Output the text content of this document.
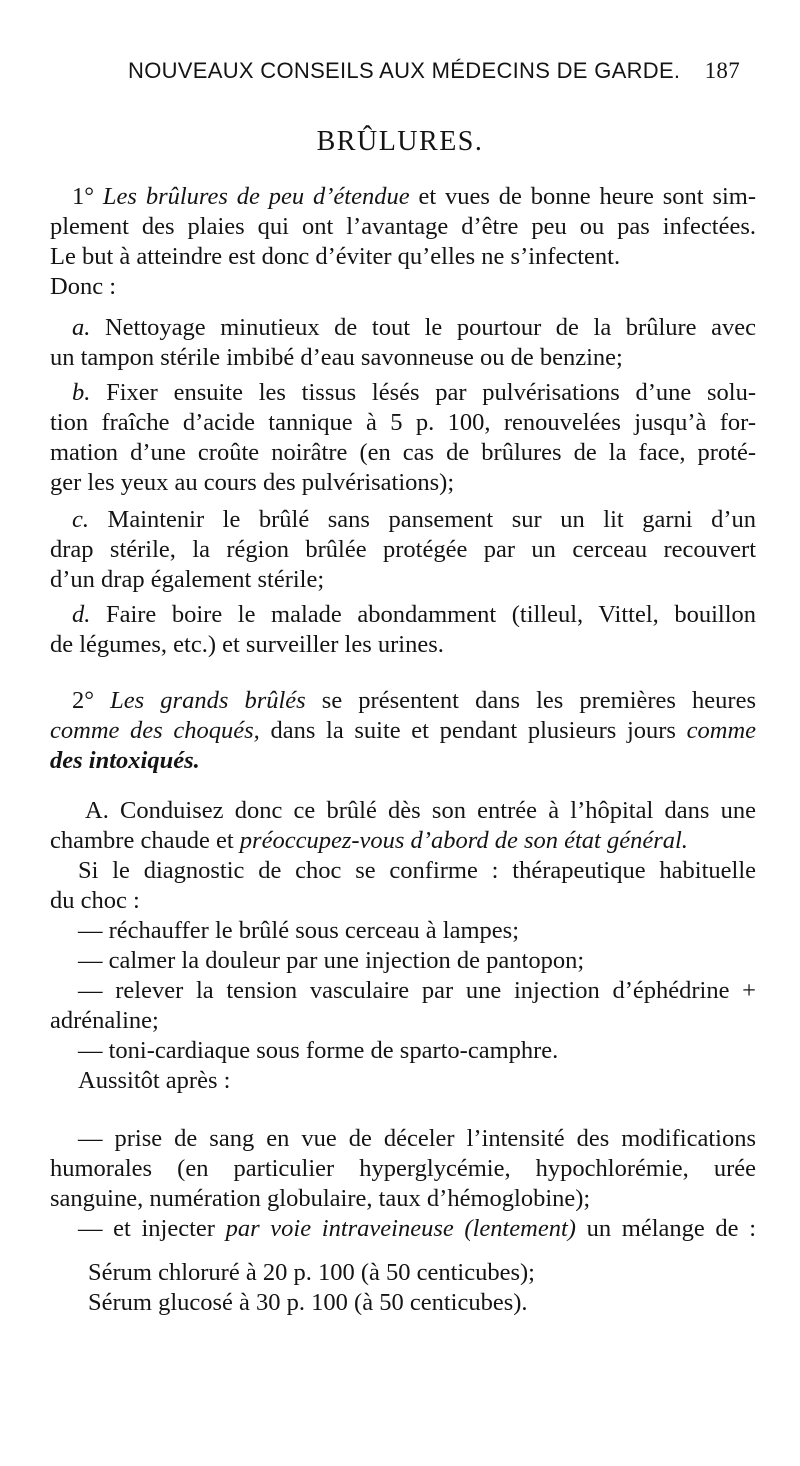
NOUVEAUX CONSEILS AUX MÉDECINS DE GARDE. 187
BRÛLURES.
1° Les brûlures de peu d’étendue et vues de bonne heure sont sim-
plement des plaies qui ont l’avantage d’être peu ou pas infectées.
Le but à atteindre est donc d’éviter qu’elles ne s’infectent.
Donc :
a. Nettoyage minutieux de tout le pourtour de la brûlure avec
un tampon stérile imbibé d’eau savonneuse ou de benzine;
b. Fixer ensuite les tissus lésés par pulvérisations d’une solu-
tion fraîche d’acide tannique à 5 p. 100, renouvelées jusqu’à for-
mation d’une croûte noirâtre (en cas de brûlures de la face, proté-
ger les yeux au cours des pulvérisations);
c. Maintenir le brûlé sans pansement sur un lit garni d’un
drap stérile, la région brûlée protégée par un cerceau recouvert
d’un drap également stérile;
d. Faire boire le malade abondamment (tilleul, Vittel, bouillon
de légumes, etc.) et surveiller les urines.
2° Les grands brûlés se présentent dans les premières heures
comme des choqués, dans la suite et pendant plusieurs jours comme
des intoxiqués.
A. Conduisez donc ce brûlé dès son entrée à l’hôpital dans une
chambre chaude et préoccupez-vous d’abord de son état général.
Si le diagnostic de choc se confirme : thérapeutique habituelle
du choc :
— réchauffer le brûlé sous cerceau à lampes;
— calmer la douleur par une injection de pantopon;
— relever la tension vasculaire par une injection d’éphédrine +
adrénaline;
— toni-cardiaque sous forme de sparto-camphre.
Aussitôt après :
— prise de sang en vue de déceler l’intensité des modifications
humorales (en particulier hyperglycémie, hypochlorémie, urée
sanguine, numération globulaire, taux d’hémoglobine);
— et injecter par voie intraveineuse (lentement) un mélange de :
Sérum chloruré à 20 p. 100 (à 50 centicubes);
Sérum glucosé à 30 p. 100 (à 50 centicubes).
